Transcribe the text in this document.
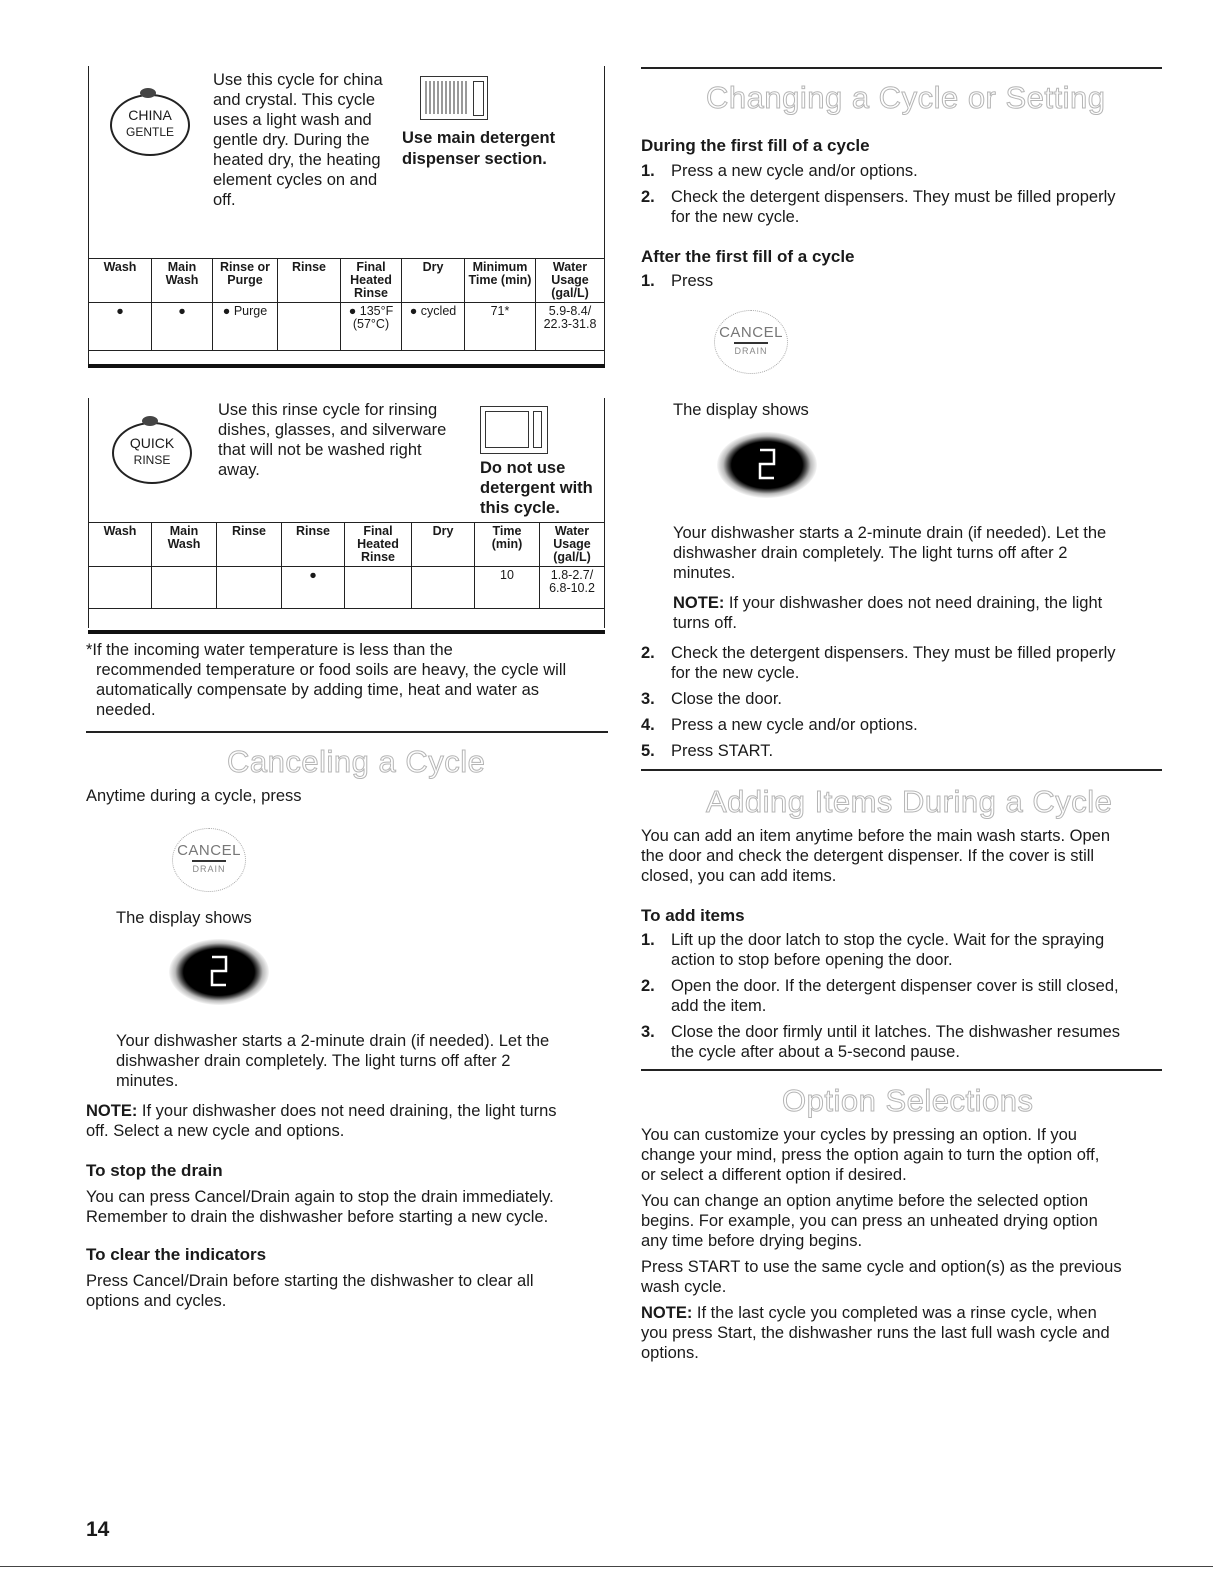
CHINA
GENTLE
Use this cycle for china
and crystal. This cycle
uses a light wash and
gentle dry. During the
heated dry, the heating
element cycles on and
off.
Use main detergent
dispenser section.
Wash	Main Wash	Rinse or Purge	Rinse	Final Heated Rinse	Dry	Minimum Time (min)	Water Usage (gal/L)
●	●	● Purge		● 135°F (57°C)	● cycled	71*	5.9-8.4/ 22.3-31.8
QUICK
RINSE
Use this rinse cycle for rinsing
dishes, glasses, and silverware
that will not be washed right
away.	Do not use
detergent with
this cycle.
Wash	Main Wash	Rinse	Rinse	Final Heated Rinse	Dry	Time (min)	Water Usage (gal/L)
			●			10	1.8-2.7/ 6.8-10.2
*If the incoming water temperature is less than the
recommended temperature or food soils are heavy, the cycle will
automatically compensate by adding time, heat and water as
needed.
Canceling a Cycle
Anytime during a cycle, press
CANCEL
DRAIN
The display shows
Your dishwasher starts a 2-minute drain (if needed). Let the
dishwasher drain completely. The light turns off after 2
minutes.
NOTE: If your dishwasher does not need draining, the light turns
off. Select a new cycle and options.
To stop the drain
You can press Cancel/Drain again to stop the drain immediately.
Remember to drain the dishwasher before starting a new cycle.
To clear the indicators
Press Cancel/Drain before starting the dishwasher to clear all
options and cycles.
14
Changing a Cycle or Setting
During the first fill of a cycle
1. Press a new cycle and/or options.
2. Check the detergent dispensers. They must be filled properly
for the new cycle.
After the first fill of a cycle
1. Press
CANCEL
DRAIN
The display shows
Your dishwasher starts a 2-minute drain (if needed). Let the
dishwasher drain completely. The light turns off after 2
minutes.
NOTE: If your dishwasher does not need draining, the light
turns off.
2. Check the detergent dispensers. They must be filled properly
for the new cycle.
3. Close the door.
4. Press a new cycle and/or options.
5. Press START.
Adding Items During a Cycle
You can add an item anytime before the main wash starts. Open
the door and check the detergent dispenser. If the cover is still
closed, you can add items.
To add items
1. Lift up the door latch to stop the cycle. Wait for the spraying
action to stop before opening the door.
2. Open the door. If the detergent dispenser cover is still closed,
add the item.
3. Close the door firmly until it latches. The dishwasher resumes
the cycle after about a 5-second pause.
Option Selections
You can customize your cycles by pressing an option. If you
change your mind, press the option again to turn the option off,
or select a different option if desired.
You can change an option anytime before the selected option
begins. For example, you can press an unheated drying option
any time before drying begins.
Press START to use the same cycle and option(s) as the previous
wash cycle.
NOTE: If the last cycle you completed was a rinse cycle, when
you press Start, the dishwasher runs the last full wash cycle and
options.
